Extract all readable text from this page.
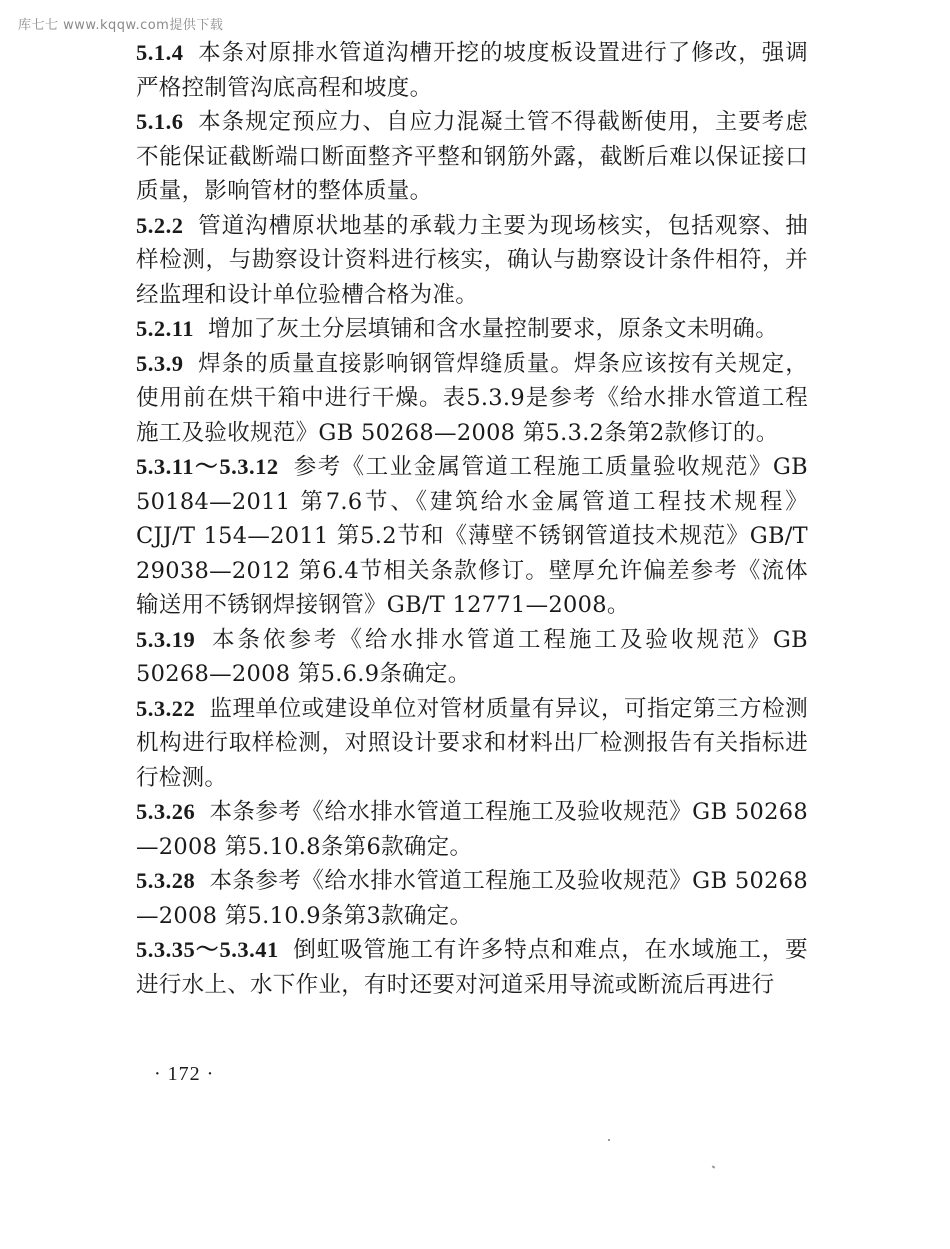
库七七 www.kqqw.com提供下载

5.1.4 本条对原排水管道沟槽开挖的坡度板设置进行了修改，强调严格控制管沟底高程和坡度。

5.1.6 本条规定预应力、自应力混凝土管不得截断使用，主要考虑不能保证截断端口断面整齐平整和钢筋外露，截断后难以保证接口质量，影响管材的整体质量。

5.2.2 管道沟槽原状地基的承载力主要为现场核实，包括观察、抽样检测，与勘察设计资料进行核实，确认与勘察设计条件相符，并经监理和设计单位验槽合格为准。

5.2.11 增加了灰土分层填铺和含水量控制要求，原条文未明确。

5.3.9 焊条的质量直接影响钢管焊缝质量。焊条应该按有关规定，使用前在烘干箱中进行干燥。表5.3.9是参考《给水排水管道工程施工及验收规范》GB 50268—2008 第5.3.2条第2款修订的。

5.3.11～5.3.12 参考《工业金属管道工程施工质量验收规范》GB 50184—2011 第7.6节、《建筑给水金属管道工程技术规程》CJJ/T 154—2011 第5.2节和《薄壁不锈钢管道技术规范》GB/T 29038—2012 第6.4节相关条款修订。壁厚允许偏差参考《流体输送用不锈钢焊接钢管》GB/T 12771—2008。

5.3.19 本条依参考《给水排水管道工程施工及验收规范》GB 50268—2008 第5.6.9条确定。

5.3.22 监理单位或建设单位对管材质量有异议，可指定第三方检测机构进行取样检测，对照设计要求和材料出厂检测报告有关指标进行检测。

5.3.26 本条参考《给水排水管道工程施工及验收规范》GB 50268—2008 第5.10.8条第6款确定。

5.3.28 本条参考《给水排水管道工程施工及验收规范》GB 50268—2008 第5.10.9条第3款确定。

5.3.35～5.3.41 倒虹吸管施工有许多特点和难点，在水域施工，要进行水上、水下作业，有时还要对河道采用导流或断流后再进行

· 172 ·
